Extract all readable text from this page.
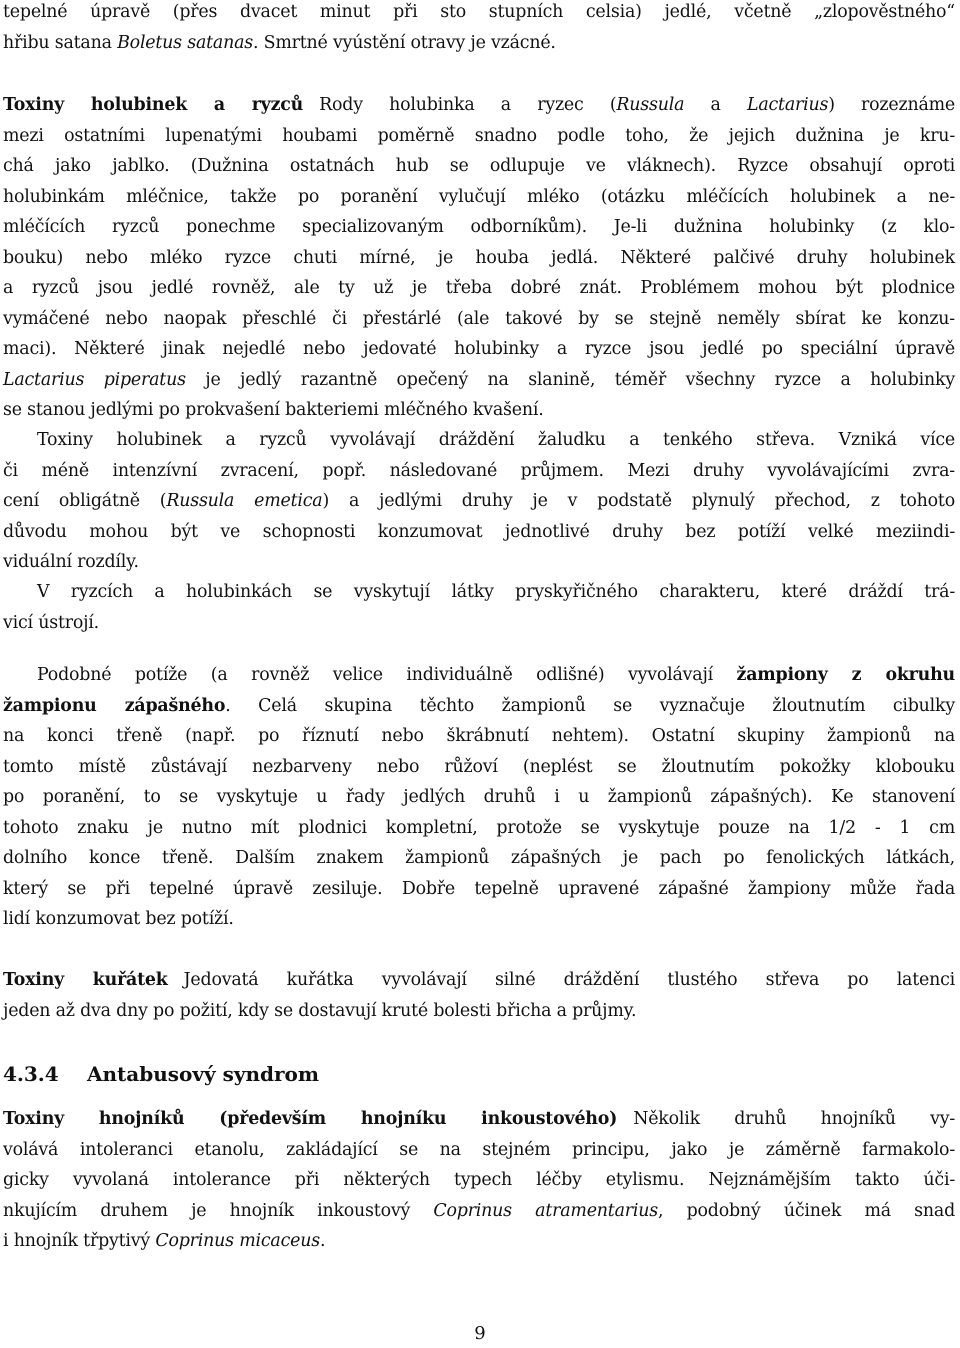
tepelné úpravě (přes dvacet minut při sto stupních celsia) jedlé, včetně „zlopověstného“
hřibu satana Boletus satanas. Smrtné vyústění otravy je vzácné.
Toxiny holubinek a ryzců Rody holubinka a ryzec (Russula a Lactarius) rozeznáme
mezi ostatními lupenatými houbami poměrně snadno podle toho, že jejich dužnina je kru-
chá jako jablko. (Dužnina ostatnách hub se odlupuje ve vláknech). Ryzce obsahují oproti
holubinkám mléčnice, takže po poranění vylučují mléko (otázku mléčících holubinek a ne-
mléčících ryzců ponechme specializovaným odborníkům). Je-li dužnina holubinky (z klo-
bouku) nebo mléko ryzce chuti mírné, je houba jedlá. Některé palčivé druhy holubinek
a ryzců jsou jedlé rovněž, ale ty už je třeba dobré znát. Problémem mohou být plodnice
vymáčené nebo naopak přeschlé či přestárlé (ale takové by se stejně neměly sbírat ke konzu-
maci). Některé jinak nejedlé nebo jedovaté holubinky a ryzce jsou jedlé po speciální úpravě
Lactarius piperatus je jedlý razantně opečený na slanině, téměř všechny ryzce a holubinky
se stanou jedlými po prokvašení bakteriemi mléčného kvašení.
Toxiny holubinek a ryzců vyvolávají dráždění žaludku a tenkého střeva. Vzniká více
či méně intenzívní zvracení, popř. následované průjmem. Mezi druhy vyvolávajícími zvra-
cení obligátně (Russula emetica) a jedlými druhy je v podstatě plynulý přechod, z tohoto
důvodu mohou být ve schopnosti konzumovat jednotlivé druhy bez potíží velké meziindi-
viduální rozdíly.
V ryzcích a holubinkách se vyskytují látky pryskyřičného charakteru, které dráždí trá-
vicí ústrojí.
Podobné potíže (a rovněž velice individuálně odlišné) vyvolávají žampiony z okruhu
žampionu zápašného. Celá skupina těchto žampionů se vyznačuje žloutnutím cibulky
na konci třeně (např. po říznutí nebo škrábnutí nehtem). Ostatní skupiny žampionů na
tomto místě zůstávají nezbarveny nebo růžoví (neplést se žloutnutím pokožky klobouku
po poranění, to se vyskytuje u řady jedlých druhů i u žampionů zápašných). Ke stanovení
tohoto znaku je nutno mít plodnici kompletní, protože se vyskytuje pouze na 1/2 - 1 cm
dolního konce třeně. Dalším znakem žampionů zápašných je pach po fenolických látkách,
který se při tepelné úpravě zesiluje. Dobře tepelně upravené zápašné žampiony může řada
lidí konzumovat bez potíží.
Toxiny kuřátek Jedovatá kuřátka vyvolávají silné dráždění tlustého střeva po latenci
jeden až dva dny po požití, kdy se dostavují kruté bolesti břicha a průjmy.
4.3.4 Antabusový syndrom
Toxiny hnojníků (především hnojníku inkoustového) Několik druhů hnojníků vy-
volává intoleranci etanolu, zakládající se na stejném principu, jako je záměrně farmakolo-
gicky vyvolaná intolerance při některých typech léčby etylismu. Nejznámějším takto úči-
nkujícím druhem je hnojník inkoustový Coprinus atramentarius, podobný účinek má snad
i hnojník třpytivý Coprinus micaceus.
9
